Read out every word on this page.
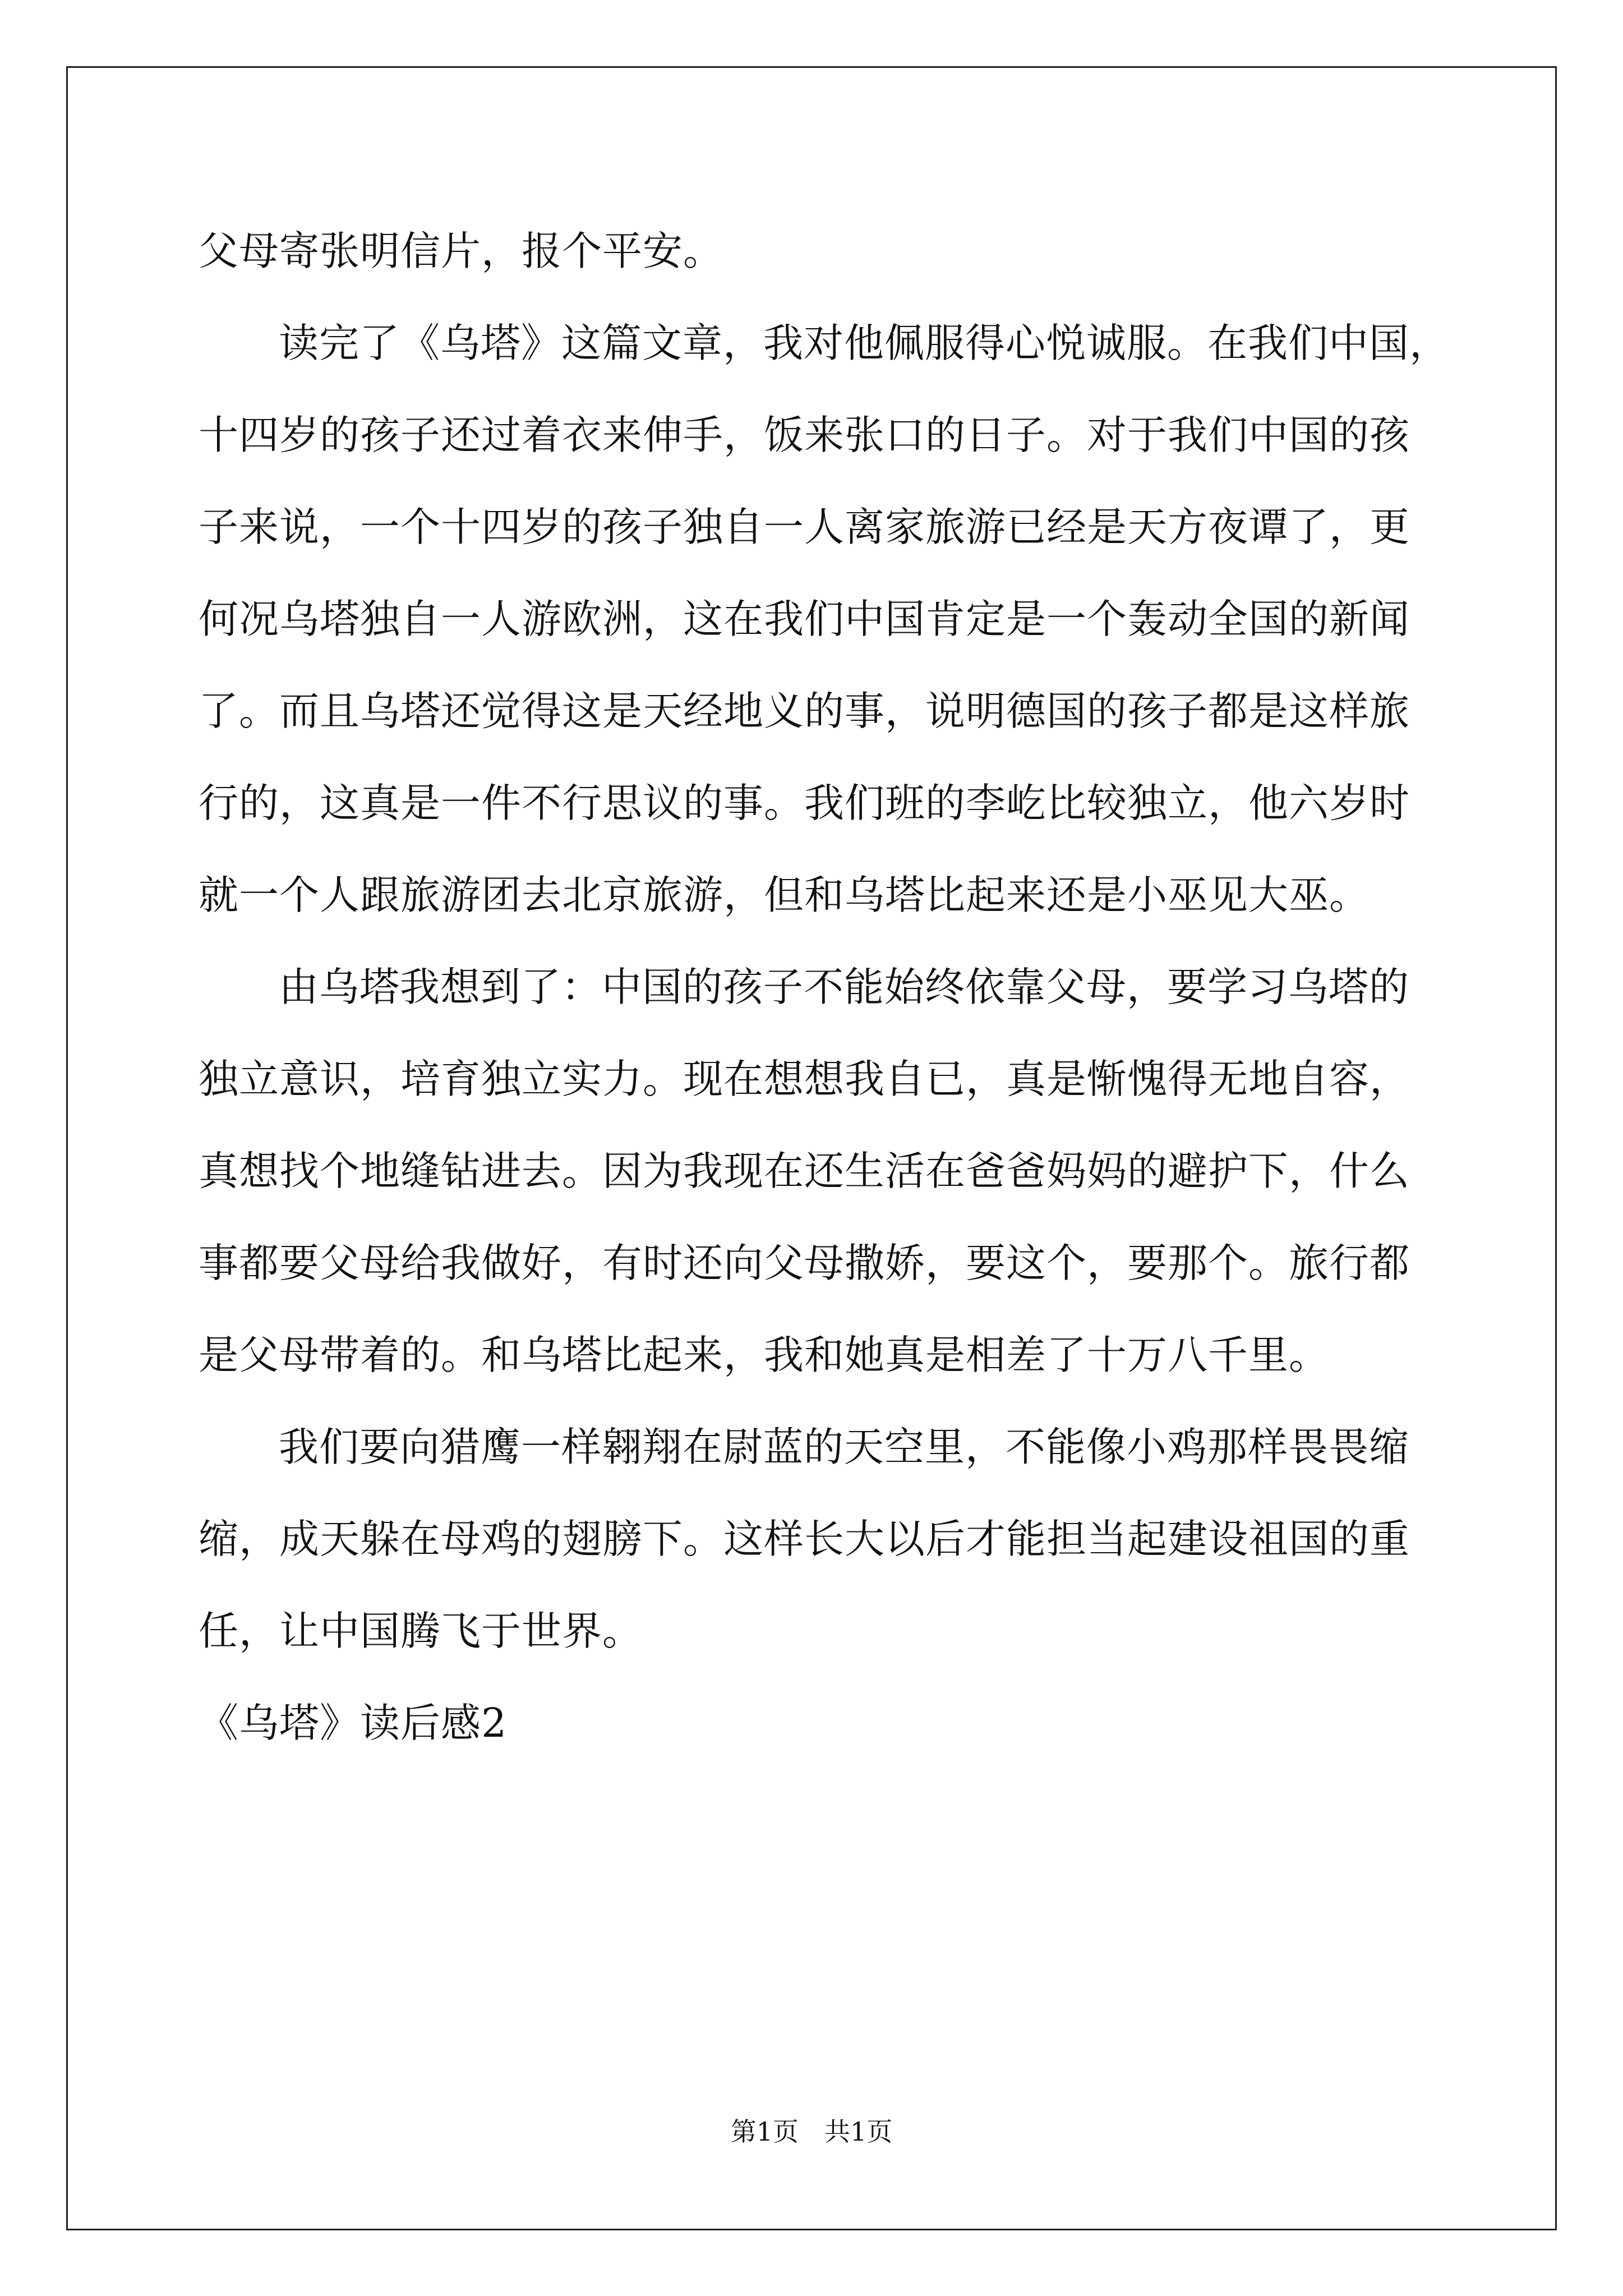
父母寄张明信片，报个平安。
读完了《乌塔》这篇文章，我对他佩服得心悦诚服。在我们中国，
十四岁的孩子还过着衣来伸手，饭来张口的日子。对于我们中国的孩
子来说，一个十四岁的孩子独自一人离家旅游已经是天方夜谭了，更
何况乌塔独自一人游欧洲，这在我们中国肯定是一个轰动全国的新闻
了。而且乌塔还觉得这是天经地义的事，说明德国的孩子都是这样旅
行的，这真是一件不行思议的事。我们班的李屹比较独立，他六岁时
就一个人跟旅游团去北京旅游，但和乌塔比起来还是小巫见大巫。
由乌塔我想到了：中国的孩子不能始终依靠父母，要学习乌塔的
独立意识，培育独立实力。现在想想我自已，真是惭愧得无地自容，
真想找个地缝钻进去。因为我现在还生活在爸爸妈妈的避护下，什么
事都要父母给我做好，有时还向父母撒娇，要这个，要那个。旅行都
是父母带着的。和乌塔比起来，我和她真是相差了十万八千里。
我们要向猎鹰一样翱翔在尉蓝的天空里，不能像小鸡那样畏畏缩
缩，成天躲在母鸡的翅膀下。这样长大以后才能担当起建设祖国的重
任，让中国腾飞于世界。
《乌塔》读后感2
第1页　共1页
